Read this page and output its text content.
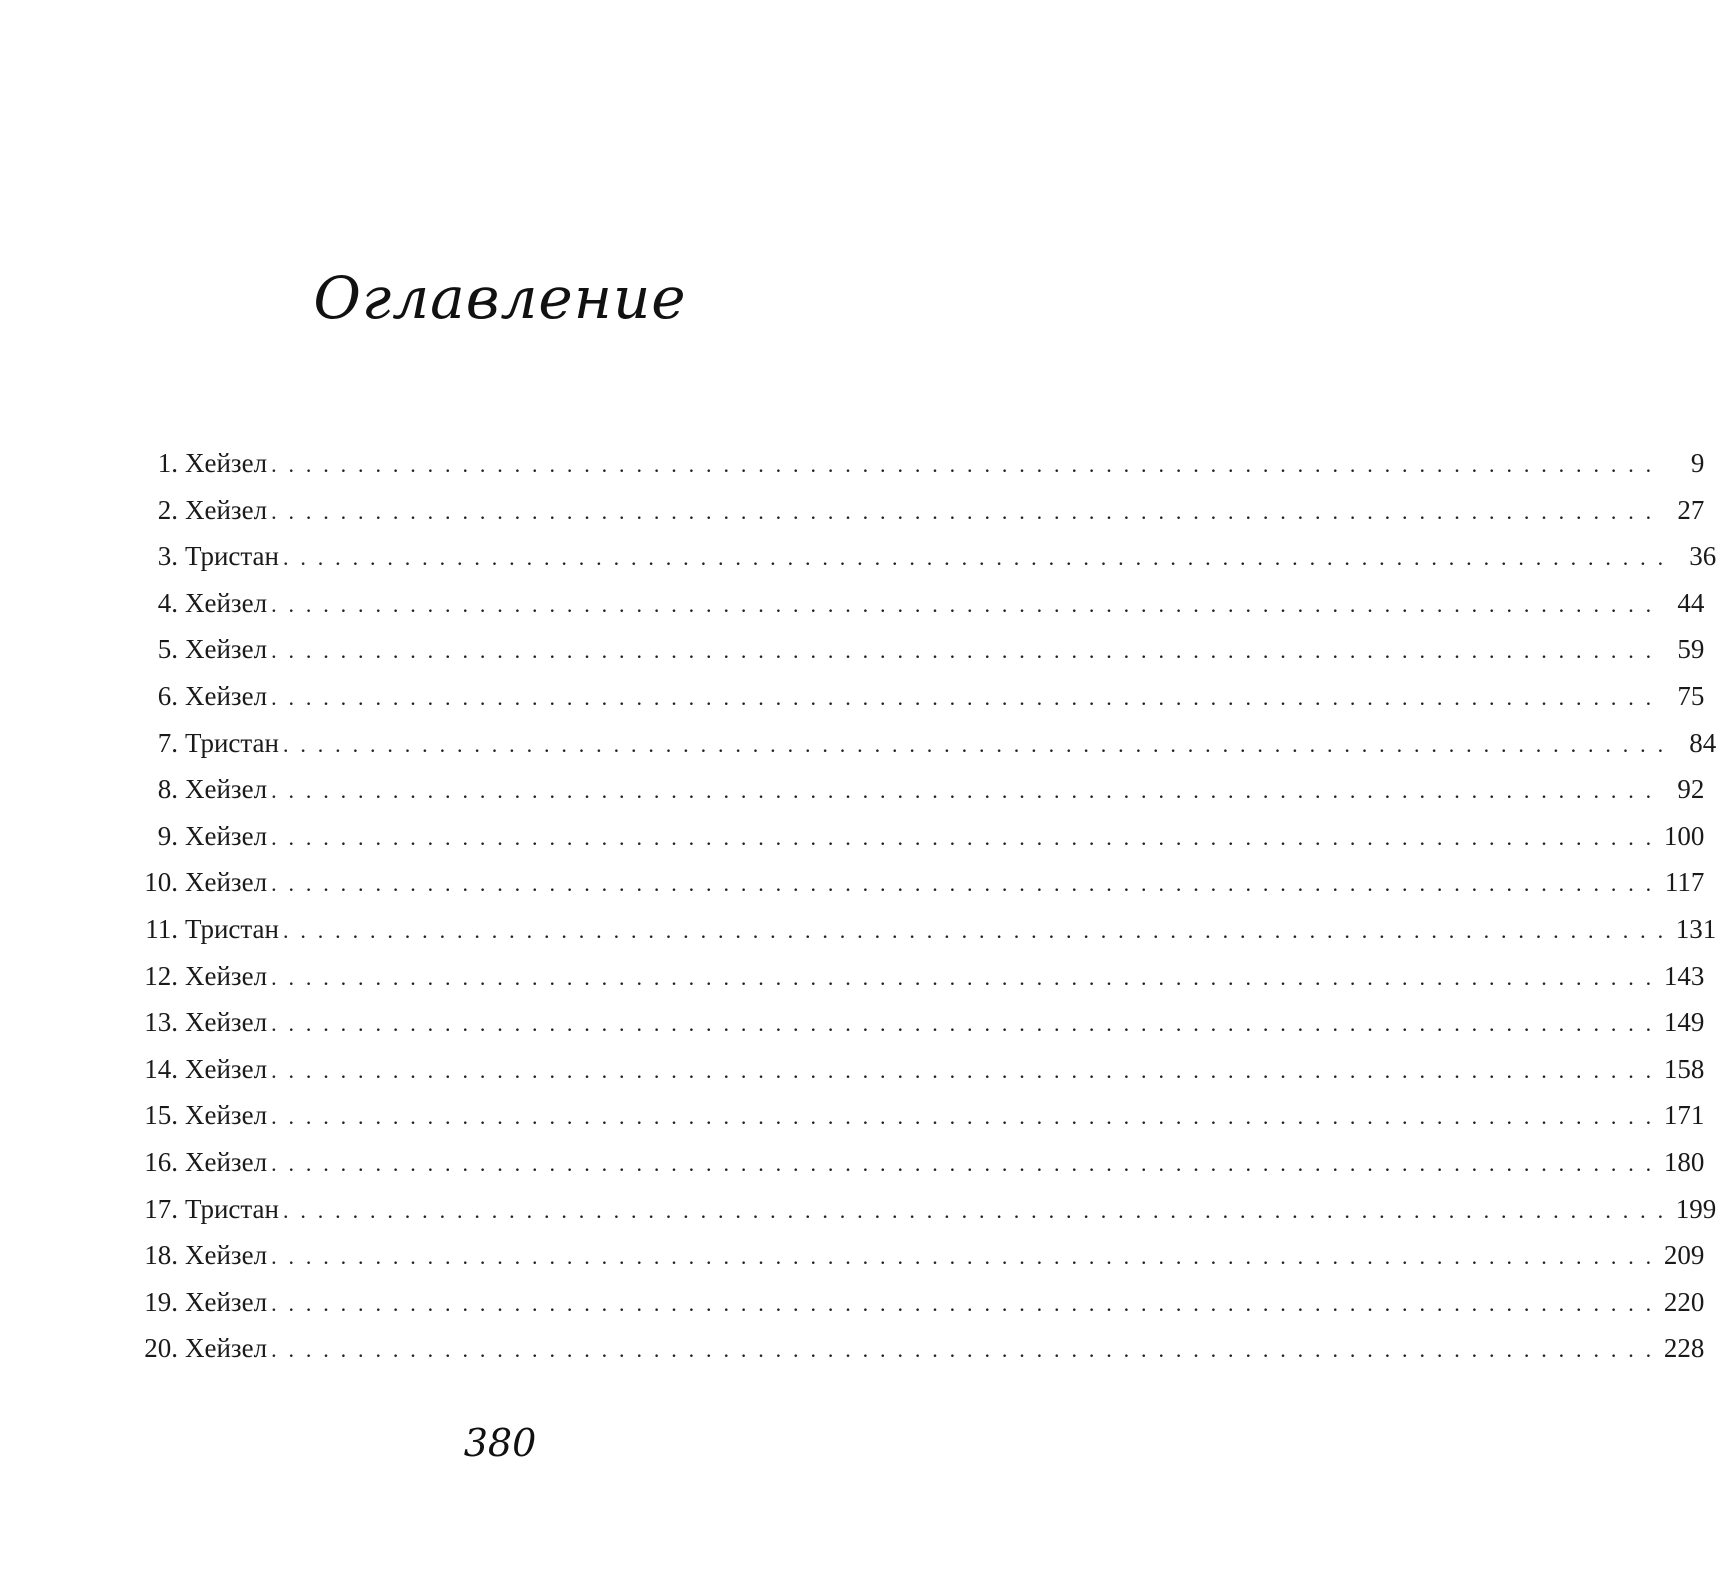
Оглавление
1. Хейзел . . . . . . . . . . . . . . . . . . . . . . . . . . . . . . . . . . . . . . . . . . . . . . . . . . . . . . . . . . . . . . . . . . . . . . . . . . . . . . . .	9
2. Хейзел . . . . . . . . . . . . . . . . . . . . . . . . . . . . . . . . . . . . . . . . . . . . . . . . . . . . . . . . . . . . . . . . . . . . . . . . . . . . . . . . 27
3. Тристан . . . . . . . . . . . . . . . . . . . . . . . . . . . . . . . . . . . . . . . . . . . . . . . . . . . . . . . . . . . . . . . . . . . . . . . . . . . . . . . . 36
4. Хейзел . . . . . . . . . . . . . . . . . . . . . . . . . . . . . . . . . . . . . . . . . . . . . . . . . . . . . . . . . . . . . . . . . . . . . . . . . . . . . . . . 44
5. Хейзел . . . . . . . . . . . . . . . . . . . . . . . . . . . . . . . . . . . . . . . . . . . . . . . . . . . . . . . . . . . . . . . . . . . . . . . . . . . . . . . . 59
6. Хейзел . . . . . . . . . . . . . . . . . . . . . . . . . . . . . . . . . . . . . . . . . . . . . . . . . . . . . . . . . . . . . . . . . . . . . . . . . . . . . . . . 75
7. Тристан . . . . . . . . . . . . . . . . . . . . . . . . . . . . . . . . . . . . . . . . . . . . . . . . . . . . . . . . . . . . . . . . . . . . . . . . . . . . . . . . 84
8. Хейзел . . . . . . . . . . . . . . . . . . . . . . . . . . . . . . . . . . . . . . . . . . . . . . . . . . . . . . . . . . . . . . . . . . . . . . . . . . . . . . . . 92
9. Хейзел . . . . . . . . . . . . . . . . . . . . . . . . . . . . . . . . . . . . . . . . . . . . . . . . . . . . . . . . . . . . . . . . . . . . . . . . . . . . . . . . 100
10. Хейзел . . . . . . . . . . . . . . . . . . . . . . . . . . . . . . . . . . . . . . . . . . . . . . . . . . . . . . . . . . . . . . . . . . . . . . . . . . . . . . . . 117
11. Тристан . . . . . . . . . . . . . . . . . . . . . . . . . . . . . . . . . . . . . . . . . . . . . . . . . . . . . . . . . . . . . . . . . . . . . . . . . . . . . . . . 131
12. Хейзел . . . . . . . . . . . . . . . . . . . . . . . . . . . . . . . . . . . . . . . . . . . . . . . . . . . . . . . . . . . . . . . . . . . . . . . . . . . . . . . . 143
13. Хейзел . . . . . . . . . . . . . . . . . . . . . . . . . . . . . . . . . . . . . . . . . . . . . . . . . . . . . . . . . . . . . . . . . . . . . . . . . . . . . . . . 149
14. Хейзел . . . . . . . . . . . . . . . . . . . . . . . . . . . . . . . . . . . . . . . . . . . . . . . . . . . . . . . . . . . . . . . . . . . . . . . . . . . . . . . . 158
15. Хейзел . . . . . . . . . . . . . . . . . . . . . . . . . . . . . . . . . . . . . . . . . . . . . . . . . . . . . . . . . . . . . . . . . . . . . . . . . . . . . . . . 171
16. Хейзел . . . . . . . . . . . . . . . . . . . . . . . . . . . . . . . . . . . . . . . . . . . . . . . . . . . . . . . . . . . . . . . . . . . . . . . . . . . . . . . . 180
17. Тристан . . . . . . . . . . . . . . . . . . . . . . . . . . . . . . . . . . . . . . . . . . . . . . . . . . . . . . . . . . . . . . . . . . . . . . . . . . . . . . . . 199
18. Хейзел . . . . . . . . . . . . . . . . . . . . . . . . . . . . . . . . . . . . . . . . . . . . . . . . . . . . . . . . . . . . . . . . . . . . . . . . . . . . . . . . 209
19. Хейзел . . . . . . . . . . . . . . . . . . . . . . . . . . . . . . . . . . . . . . . . . . . . . . . . . . . . . . . . . . . . . . . . . . . . . . . . . . . . . . . . 220
20. Хейзел . . . . . . . . . . . . . . . . . . . . . . . . . . . . . . . . . . . . . . . . . . . . . . . . . . . . . . . . . . . . . . . . . . . . . . . . . . . . . . . . 228
380
